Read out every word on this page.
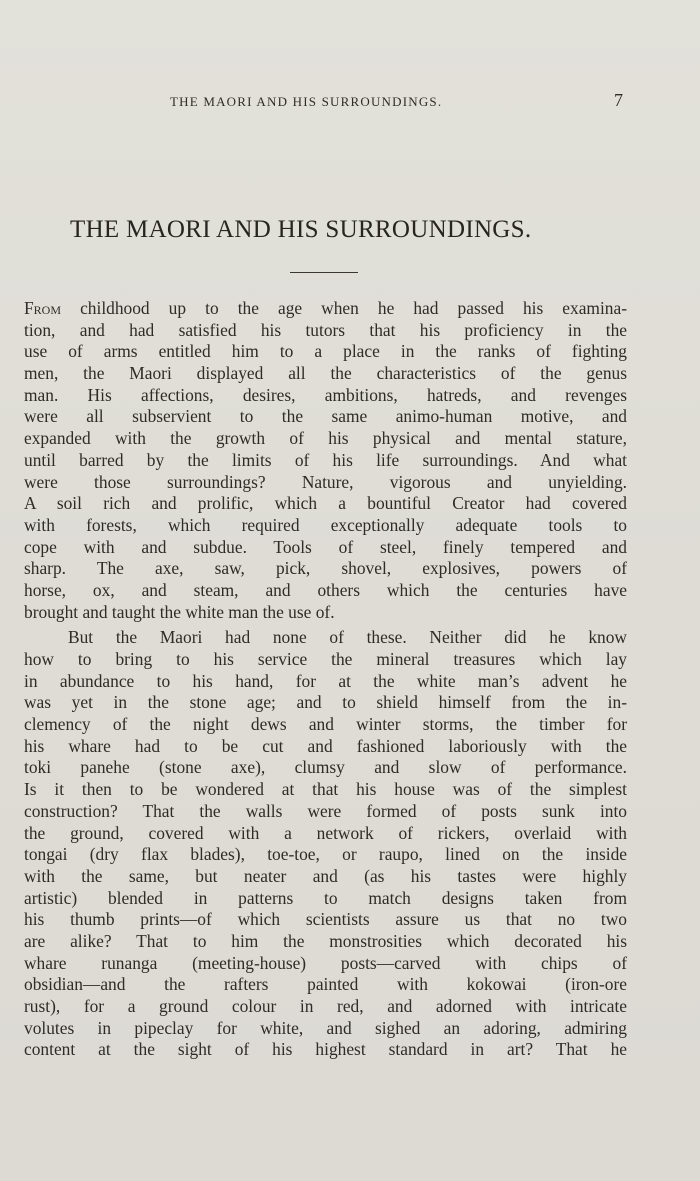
THE MAORI AND HIS SURROUNDINGS.	7
THE MAORI AND HIS SURROUNDINGS.
From childhood up to the age when he had passed his examina-
tion, and had satisfied his tutors that his proficiency in the
use of arms entitled him to a place in the ranks of fighting
men, the Maori displayed all the characteristics of the genus
man. His affections, desires, ambitions, hatreds, and revenges
were all subservient to the same animo-human motive, and
expanded with the growth of his physical and mental stature,
until barred by the limits of his life surroundings. And what
were those surroundings? Nature, vigorous and unyielding.
A soil rich and prolific, which a bountiful Creator had covered
with forests, which required exceptionally adequate tools to
cope with and subdue. Tools of steel, finely tempered and
sharp. The axe, saw, pick, shovel, explosives, powers of
horse, ox, and steam, and others which the centuries have
brought and taught the white man the use of.
But the Maori had none of these. Neither did he know
how to bring to his service the mineral treasures which lay
in abundance to his hand, for at the white man’s advent he
was yet in the stone age; and to shield himself from the in-
clemency of the night dews and winter storms, the timber for
his whare had to be cut and fashioned laboriously with the
toki panehe (stone axe), clumsy and slow of performance.
Is it then to be wondered at that his house was of the simplest
construction? That the walls were formed of posts sunk into
the ground, covered with a network of rickers, overlaid with
tongai (dry flax blades), toe-toe, or raupo, lined on the inside
with the same, but neater and (as his tastes were highly
artistic) blended in patterns to match designs taken from
his thumb prints—of which scientists assure us that no two
are alike? That to him the monstrosities which decorated his
whare runanga (meeting-house) posts—carved with chips of
obsidian—and the rafters painted with kokowai (iron-ore
rust), for a ground colour in red, and adorned with intricate
volutes in pipeclay for white, and sighed an adoring, admiring
content at the sight of his highest standard in art? That he
